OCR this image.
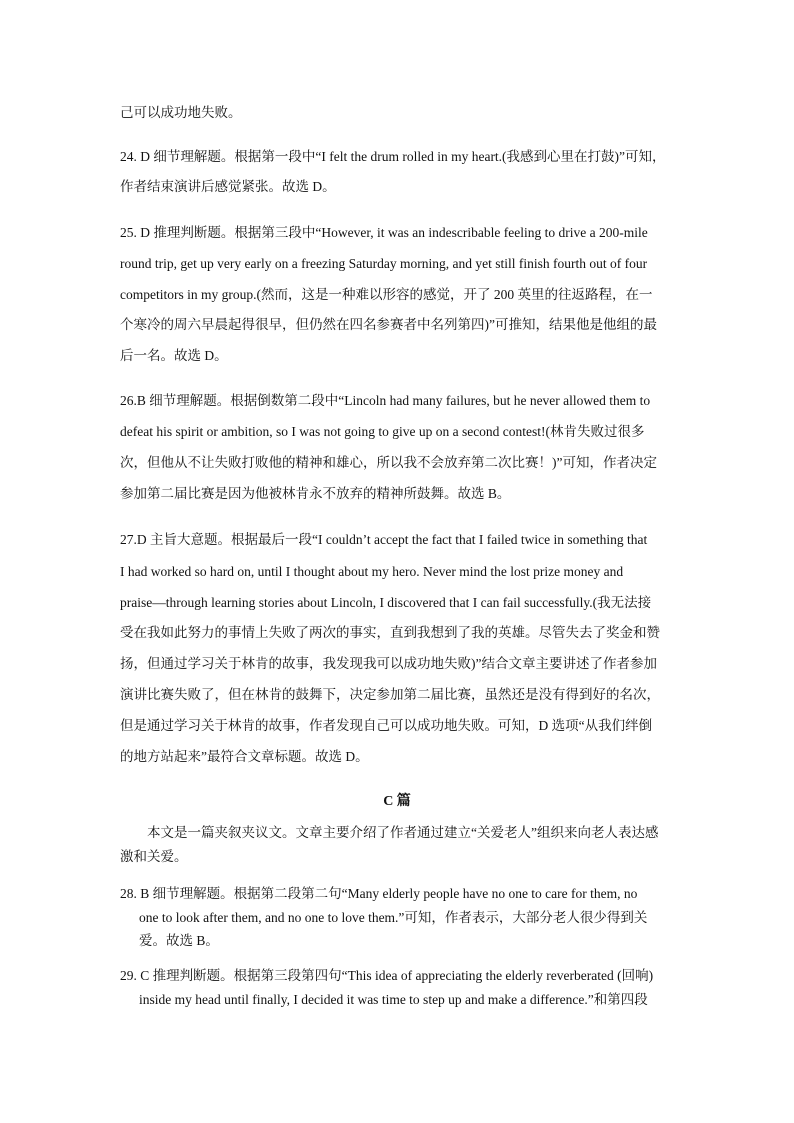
己可以成功地失败。
24. D 细节理解题。根据第一段中“I felt the drum rolled in my heart.(我感到心里在打鼓)”可知，
作者结束演讲后感觉紧张。故选 D。
25. D 推理判断题。根据第三段中“However, it was an indescribable feeling to drive a 200-mile
round trip, get up very early on a freezing Saturday morning, and yet still finish fourth out of four
competitors in my group.(然而，这是一种难以形容的感觉，开了 200 英里的往返路程，在一
个寒冷的周六早晨起得很早，但仍然在四名参赛者中名列第四)”可推知，结果他是他组的最
后一名。故选 D。
26.B 细节理解题。根据倒数第二段中“Lincoln had many failures, but he never allowed them to
defeat his spirit or ambition, so I was not going to give up on a second contest!(林肯失败过很多
次，但他从不让失败打败他的精神和雄心，所以我不会放弃第二次比赛！)”可知，作者决定
参加第二届比赛是因为他被林肯永不放弃的精神所鼓舞。故选 B。
27.D 主旨大意题。根据最后一段“I couldn’t accept the fact that I failed twice in something that
I had worked so hard on, until I thought about my hero. Never mind the lost prize money and
praise—through learning stories about Lincoln, I discovered that I can fail successfully.(我无法接
受在我如此努力的事情上失败了两次的事实，直到我想到了我的英雄。尽管失去了奖金和赞
扬，但通过学习关于林肯的故事，我发现我可以成功地失败)”结合文章主要讲述了作者参加
演讲比赛失败了，但在林肯的鼓舞下，决定参加第二届比赛，虽然还是没有得到好的名次，
但是通过学习关于林肯的故事，作者发现自己可以成功地失败。可知，D 选项“从我们绊倒
的地方站起来”最符合文章标题。故选 D。
C 篇
本文是一篇夹叙夹议文。文章主要介绍了作者通过建立“关爱老人”组织来向老人表达感
激和关爱。
28. B 细节理解题。根据第二段第二句“Many elderly people have no one to care for them, no
one to look after them, and no one to love them.”可知，作者表示，大部分老人很少得到关
爱。故选 B。
29. C 推理判断题。根据第三段第四句“This idea of appreciating the elderly reverberated (回响)
inside my head until finally, I decided it was time to step up and make a difference.”和第四段
